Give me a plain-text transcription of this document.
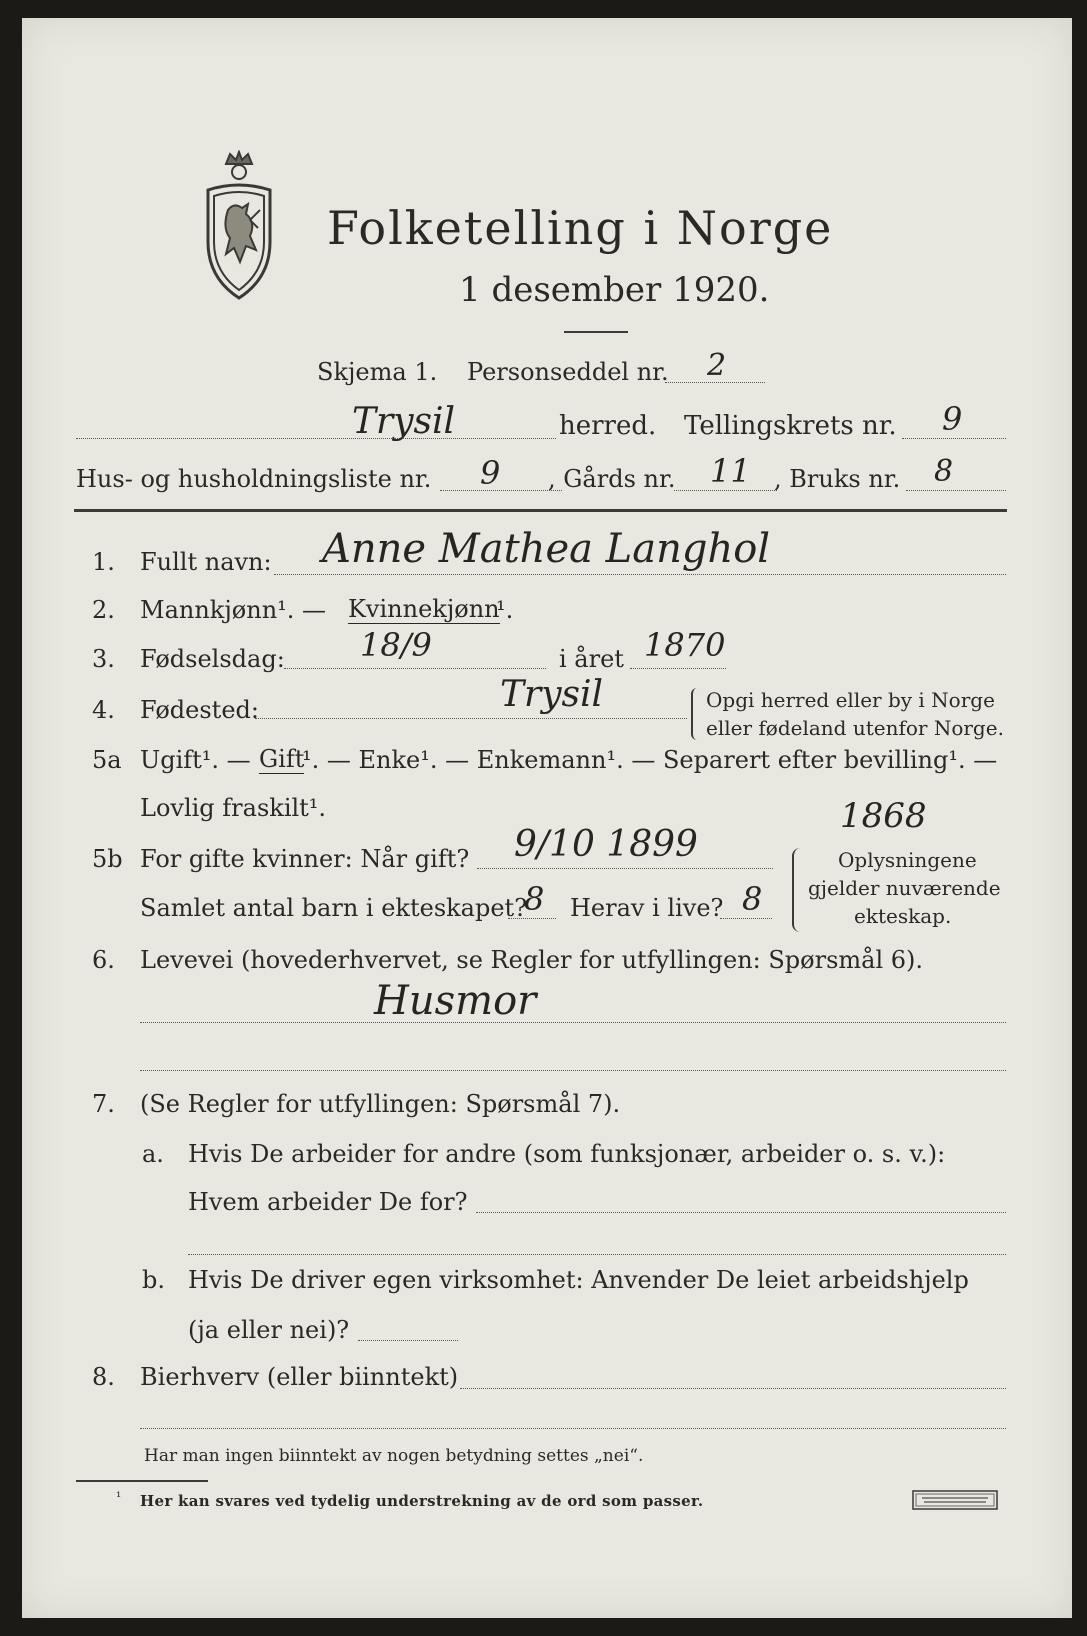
Folketelling i Norge
1 desember 1920.
Skjema 1. Personseddel nr. 2
Trysil	herred. Tellingskrets nr. 9
Hus- og husholdningsliste nr. 9 , Gårds nr. 11 , Bruks nr. 8
1. Fullt navn: Anne Mathea Langhol
2. Mannkjønn¹. — Kvinnekjønn
¹.
3. Fødselsdag: 18/9	i året 1870
4. Fødested:	Trysil	Opgi herred eller by i Norge
eller fødeland utenfor Norge.
5a Ugift¹. — Gift
¹. — Enke¹. — Enkemann¹. — Separert efter bevilling¹. —
Lovlig fraskilt¹.	1868
5b For gifte kvinner: Når gift? 9/10 1899
Samlet antal barn i ekteskapet?
8 Herav i live? 8
Oplysningene
gjelder nuværende
ekteskap.
6. Levevei (hovederhvervet, se Regler for utfyllingen: Spørsmål 6).
Husmor
7. (Se Regler for utfyllingen: Spørsmål 7).
a. Hvis De arbeider for andre (som funksjonær, arbeider o. s. v.):
Hvem arbeider De for?
b. Hvis De driver egen virksomhet: Anvender De leiet arbeidshjelp
(ja eller nei)?
8. Bierhverv (eller biinntekt)
Har man ingen biinntekt av nogen betydning settes „nei“.
¹ Her kan svares ved tydelig understrekning av de ord som passer.
